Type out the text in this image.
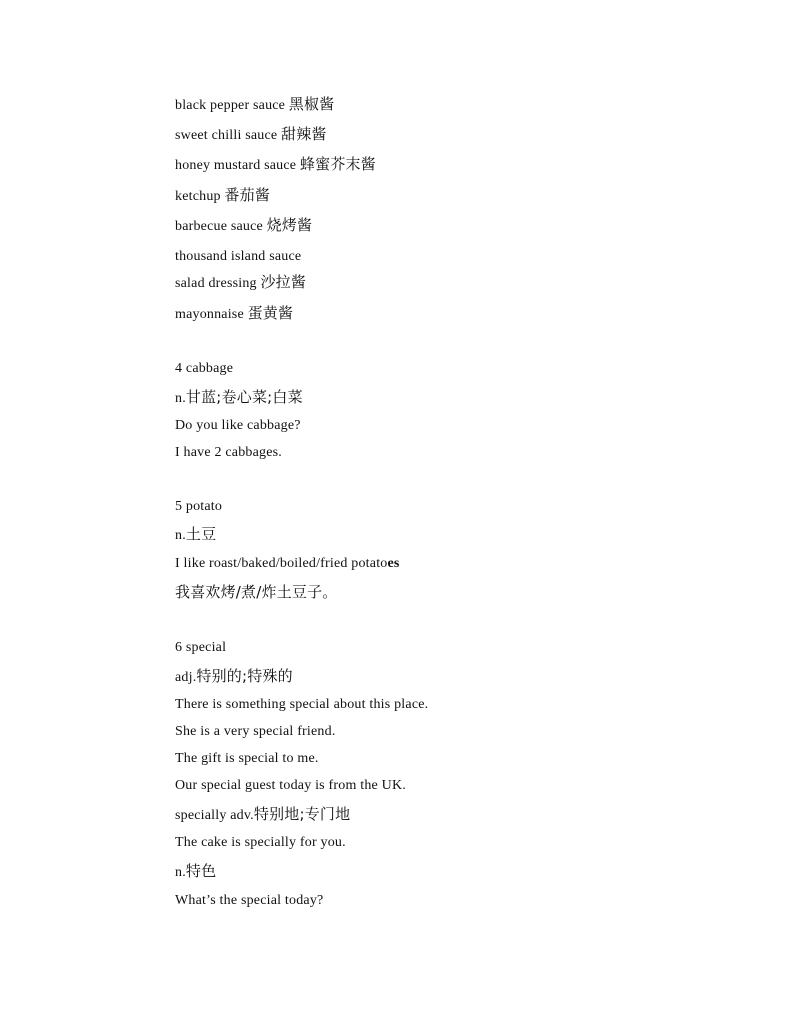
black pepper sauce 黑椒酱
sweet chilli sauce 甜辣酱
honey mustard sauce 蜂蜜芥末酱
ketchup 番茄酱
barbecue sauce 烧烤酱
thousand island sauce
salad dressing 沙拉酱
mayonnaise 蛋黄酱
4 cabbage
n.甘蓝;卷心菜;白菜
Do you like cabbage?
I have 2 cabbages.
5 potato
n.土豆
I like roast/baked/boiled/fried potatoes
我喜欢烤/煮/炸土豆子。
6 special
adj.特别的;特殊的
There is something special about this place.
She is a very special friend.
The gift is special to me.
Our special guest today is from the UK.
specially adv.特别地;专门地
The cake is specially for you.
n.特色
What’s the special today?
